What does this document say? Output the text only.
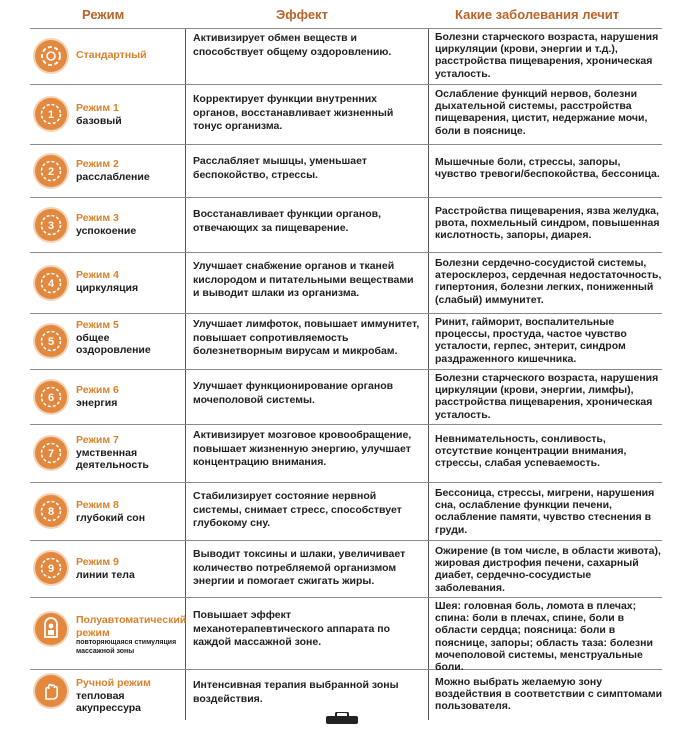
Режим	Эффект	Какие заболевания лечит
Стандартный
Активизирует обмен веществ и способствует общему оздоровлению.
Болезни старческого возраста, нарушения циркуляции (крови, энергии и т.д.), расстройства пищеварения, хроническая усталость.
1
Режим 1
базовый
Корректирует функции внутренних органов, восстанавливает жизненный тонус организма.
Ослабление функций нервов, болезни дыхательной системы, расстройства пищеварения, цистит, недержание мочи, боли в пояснице.
2
Режим 2
расслабление
Расслабляет мышцы, уменьшает беспокойство, стрессы.
Мышечные боли, стрессы, запоры, чувство тревоги/беспокойства, бессоница.
3
Режим 3
успокоение
Восстанавливает функции органов, отвечающих за пищеварение.
Расстройства пищеварения, язва желудка, рвота, похмельный синдром, повышенная кислотность, запоры, диарея.
4
Режим 4
циркуляция
Улучшает снабжение органов и тканей кислородом и питательными веществами и выводит шлаки из организма.
Болезни сердечно-сосудистой системы, атеросклероз, сердечная недостаточность, гипертония, болезни легких, пониженный (слабый) иммунитет.
5
Режим 5
общее оздоровление
Улучшает лимфоток, повышает иммунитет, повышает сопротивляемость болезнетворным вирусам и микробам.
Ринит, гайморит, воспалительные процессы, простуда, частое чувство усталости, герпес, энтерит, синдром раздраженного кишечника.
6
Режим 6
энергия
Улучшает функционирование органов мочеполовой системы.
Болезни старческого возраста, нарушения циркуляции (крови, энергии, лимфы), расстройства пищеварения, хроническая усталость.
7
Режим 7
умственная деятельность
Активизирует мозговое кровообращение, повышает жизненную энергию, улучшает концентрацию внимания.
Невнимательность, сонливость, отсутствие концентрации внимания, стрессы, слабая успеваемость.
8
Режим 8
глубокий сон
Стабилизирует состояние нервной системы, снимает стресс, способствует глубокому сну.
Бессоница, стрессы, мигрени, нарушения сна, ослабление функции печени, ослабление памяти, чувство стеснения в груди.
9
Режим 9
линии тела
Выводит токсины и шлаки, увеличивает количество потребляемой организмом энергии и помогает сжигать жиры.
Ожирение (в том числе, в области живота), жировая дистрофия печени, сахарный диабет, сердечно-сосудистые заболевания.
Полуавтоматический режим
повторяющаяся стимуляция массажной зоны
Повышает эффект механотерапевтического аппарата по каждой массажной зоне.
Шея: головная боль, ломота в плечах; спина: боли в плечах, спине, боли в области сердца; поясница: боли в пояснице, запоры; область таза: болезни мочеполовой системы, менструальные боли.
Ручной режим
тепловая акупрессура
Интенсивная терапия выбранной зоны воздействия.
Можно выбрать желаемую зону воздействия в соответствии с симптомами пользователя.
